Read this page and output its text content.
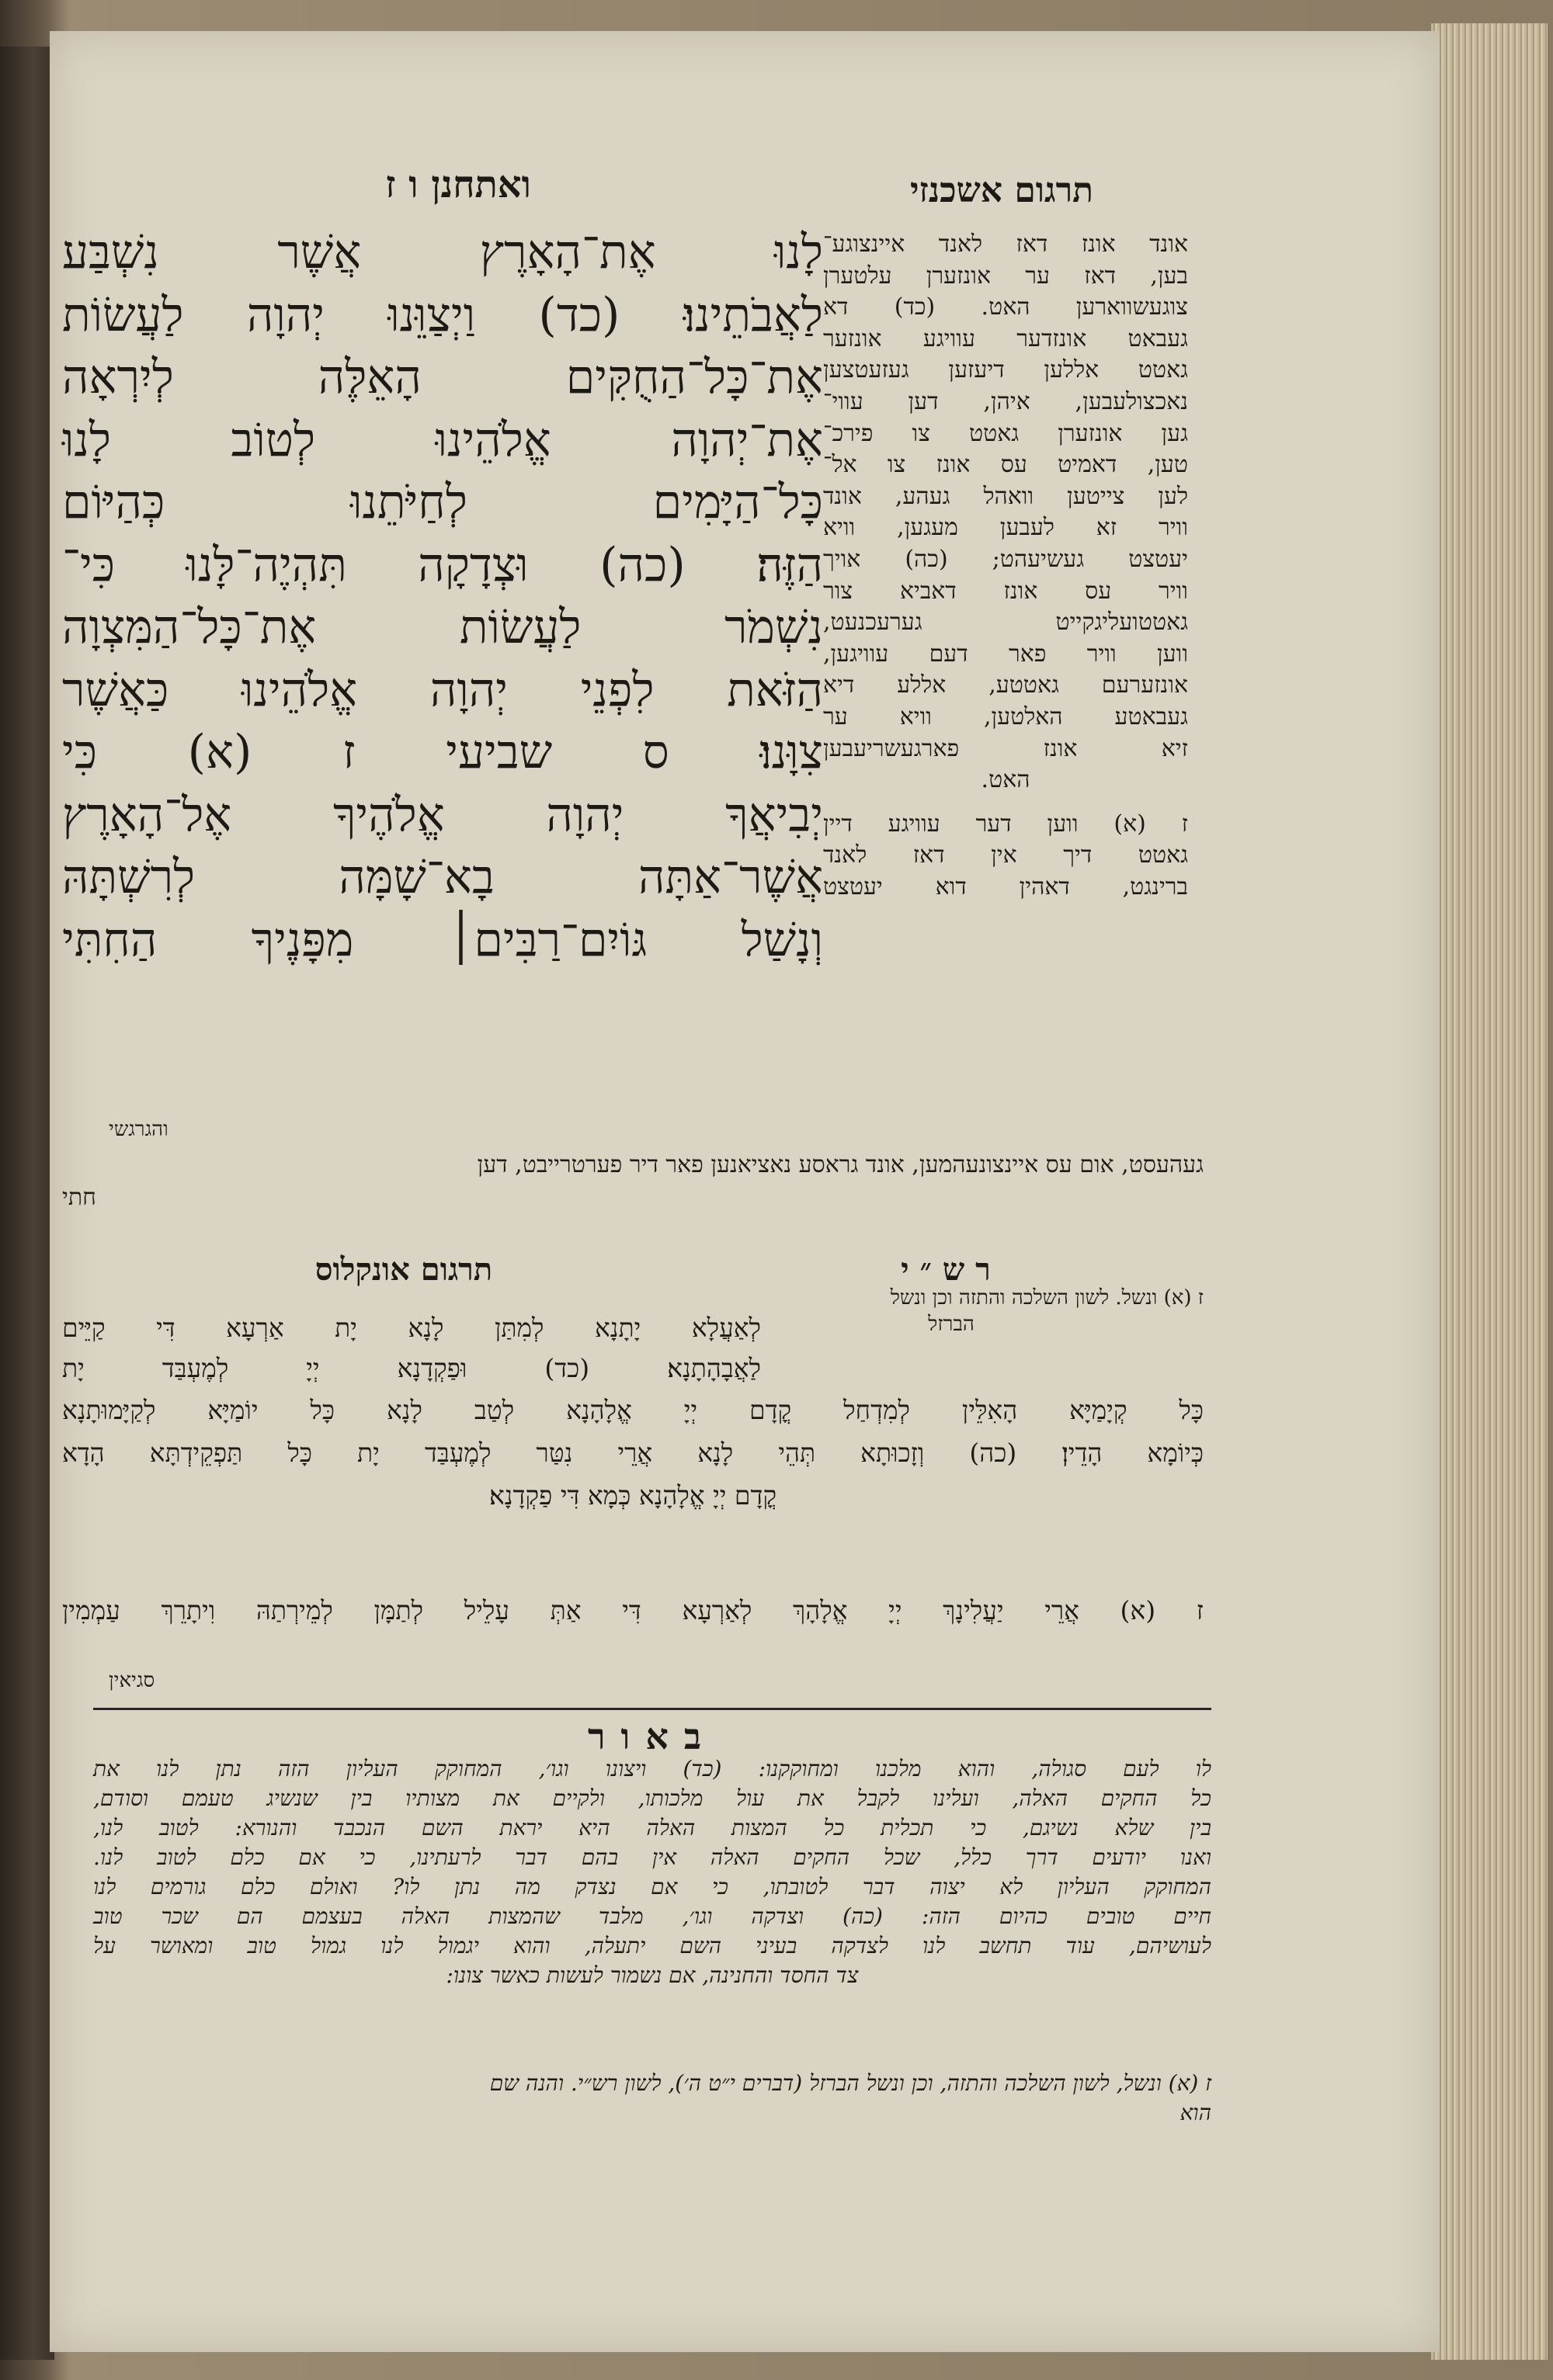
ואתחנן ו ז	תרגום אשכנזי
לָנוּ אֶת־הָאָרֶץ אֲשֶׁר נִשְׁבַּע
לַאֲבֹתֵינוּ׃ (כד) וַיְצַוֵּנוּ יְהוָה לַעֲשׂוֹת
אֶת־כָּל־הַחֻקִּים הָאֵלֶּה לְיִרְאָה
אֶת־יְהוָה אֱלֹהֵינוּ לְטוֹב לָנוּ
כָּל־הַיָּמִים לְחַיֹּתֵנוּ כְּהַיּוֹם
הַזֶּה׃ (כה) וּצְדָקָה תִּהְיֶה־לָּנוּ כִּי־
נִשְׁמֹר לַעֲשׂוֹת אֶת־כָּל־הַמִּצְוָה
הַזֹּאת לִפְנֵי יְהוָה אֱלֹהֵינוּ כַּאֲשֶׁר
צִוָּנוּ׃ ס שביעי ז (א) כִּי
יְבִיאֲךָ יְהוָה אֱלֹהֶיךָ אֶל־הָאָרֶץ
אֲשֶׁר־אַתָּה בָא־שָׁמָּה לְרִשְׁתָּהּ
וְנָשַׁל גּוֹיִם־רַבִּים׀ מִפָּנֶיךָ הַחִתִּי
והגרגשי
אונד אונז דאז לאנד איינצוגע־
בען, דאז ער אונזערן עלטערן
צוגעשווארען האט. (כד) דא
געבאט אונזדער עוויגע אונזער
גאטט אללען דיעזען געזעטצען
נאכצולעבען, איהן, דען עווי־
גען אונזערן גאטט צו פירכ־
טען, דאמיט עס אונז צו אל־
לען צייטען וואהל געהע, אונד
וויר זא לעבען מעגען, וויא
יעטצט געשיעהט; (כה) אויך
וויר עס אונז דאביא צור
גאטטועליגקייט גערעכנעט,
ווען וויר פאר דעם עוויגען,
אונזערעם גאטטע, אללע דיא
געבאטע האלטען, וויא ער
זיא אונז פארגעשריעבען
האט.
ז (א) ווען דער עוויגע דיין
גאטט דיך אין דאז לאנד
ברינגט, דאהין דוא יעטצט
געהעסט, אום עס איינצונעהמען, אונד גראסע נאציאנען פאר דיר פערטרייבט, דען
חתי
תרגום אונקלוס	רש״י
ז (א) ונשל. לשון השלכה והתזה וכן ונשל
הברזל
לְאַעֲלָא יָתָנָא לְמִתַּן לָנָא יָת אַרְעָא דִּי קַיֵּים
לַאֲבָהָתָנָא׃ (כד) וּפַקְדָנָא יְיָ לְמֶעְבַּד יָת
כָּל קְיָמַיָּא הָאִלֵּין לְמִדְחַל קֳדָם יְיָ אֱלָהָנָא לְטַב לָנָא כָּל יוֹמַיָּא לְקַיָּמוּתָנָא
כְּיוֹמָא הָדֵין׃ (כה) וְזָכוּתָא תְּהֵי לָנָא אֲרֵי נִטַּר לְמֶעְבַּד יָת כָּל תַּפְקֵידְתָּא הָדָא
קֳדָם יְיָ אֱלָהָנָא כְּמָא דִּי פַקְדָנָא׃
ז (א) אֲרֵי יַעֲלִינָךְ יְיָ אֱלָהָךְ לְאַרְעָא דִּי אַתְּ עָלֵיל לְתַמָּן לְמֵירְתַהּ וִיתָרֵךְ עַמְמִין
סגיאין
באור
לו לעם סגולה, והוא מלכנו ומחוקקנו: (כד) ויצונו וגו׳, המחוקק העליון הזה נתן לנו את
כל החקים האלה, ועלינו לקבל את עול מלכותו, ולקיים את מצותיו בין שנשיג טעמם וסודם,
בין שלא נשיגם, כי תכלית כל המצות האלה היא יראת השם הנכבד והנורא: לטוב לנו,
ואנו יודעים דרך כלל, שכל החקים האלה אין בהם דבר לרעתינו, כי אם כלם לטוב לנו.
המחוקק העליון לא יצוה דבר לטובתו, כי אם נצדק מה נתן לו? ואולם כלם גורמים לנו
חיים טובים כהיום הזה: (כה) וצדקה וגו׳, מלבד שהמצות האלה בעצמם הם שכר טוב
לעושיהם, עוד תחשב לנו לצדקה בעיני השם יתעלה, והוא יגמול לנו גמול טוב ומאושר על
צד החסד והחנינה, אם נשמור לעשות כאשר צונו:
ז (א) ונשל, לשון השלכה והתזה, וכן ונשל הברזל (דברים י״ט ה׳), לשון רש״י. והנה שם
הוא
